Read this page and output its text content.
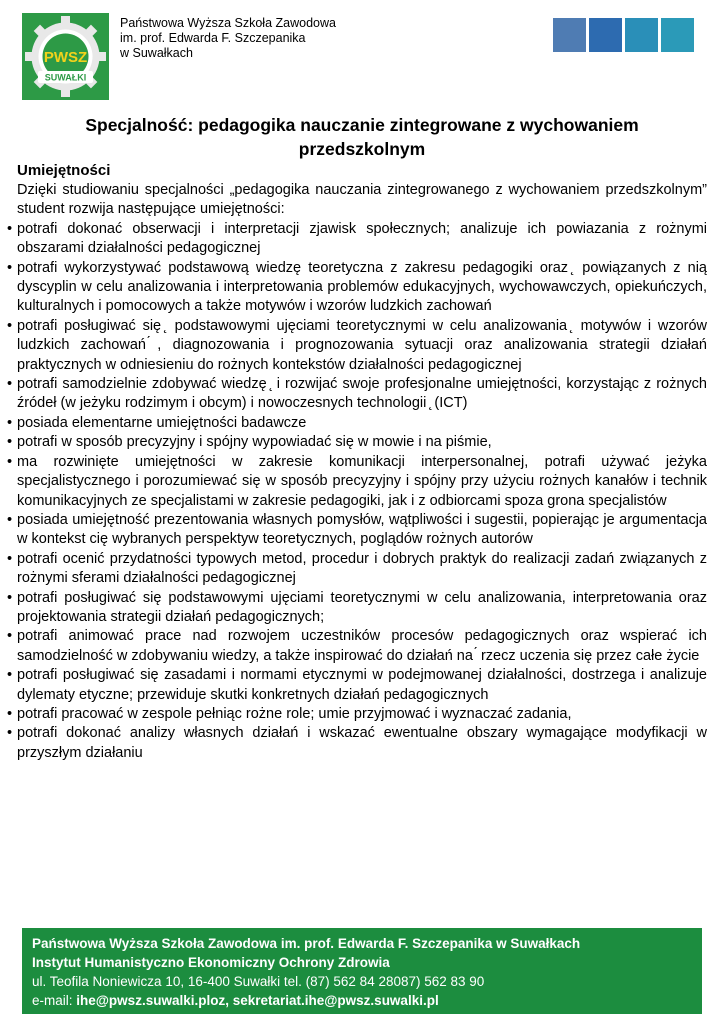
PWSZ
SUWAŁKI
Państwowa Wyższa Szkoła Zawodowa
im. prof. Edwarda F. Szczepanika
w Suwałkach
Specjalność: pedagogika nauczanie zintegrowane z wychowaniem przedszkolnym
Umiejętności
Dzięki studiowaniu specjalności „pedagogika nauczania zintegrowanego z wychowaniem przedszkolnym” student rozwija następujące umiejętności:
• potrafi dokonać obserwacji i interpretacji zjawisk społecznych; analizuje ich powiazania z rożnymi obszarami działalności pedagogicznej
• potrafi wykorzystywać podstawową wiedzę teoretyczna z zakresu pedagogiki oraz ̨ powiązanych z nią dyscyplin w celu analizowania i interpretowania problemów edukacyjnych, wychowawczych, opiekuńczych, kulturalnych i pomocowych a także motywów i wzorów ludzkich zachowań
• potrafi posługiwać się ̨ podstawowymi ujęciami teoretycznymi w celu analizowania ̨ motywów i wzorów ludzkich zachowań ́, diagnozowania i prognozowania sytuacji oraz analizowania strategii działań praktycznych w odniesieniu do rożnych kontekstów działalności pedagogicznej
• potrafi samodzielnie zdobywać wiedzę ̨ i rozwijać swoje profesjonalne umiejętności, korzystając z rożnych źródeł (w jeżyku rodzimym i obcym) i nowoczesnych technologii ̨ (ICT)
• posiada elementarne umiejętności badawcze
• potrafi w sposób precyzyjny i spójny wypowiadać się w mowie i na piśmie,
• ma rozwinięte umiejętności w zakresie komunikacji interpersonalnej, potrafi używać jeżyka specjalistycznego i porozumiewać się w sposób precyzyjny i spójny przy użyciu rożnych kanałów i technik komunikacyjnych ze specjalistami w zakresie pedagogiki, jak i z odbiorcami spoza grona specjalistów
• posiada umiejętność prezentowania własnych pomysłów, wątpliwości i sugestii, popierając je argumentacja w kontekst cię wybranych perspektyw teoretycznych, poglądów rożnych autorów
• potrafi ocenić przydatności typowych metod, procedur i dobrych praktyk do realizacji zadań związanych z rożnymi sferami działalności pedagogicznej
• potrafi posługiwać się podstawowymi ujęciami teoretycznymi w celu analizowania, interpretowania oraz projektowania strategii działań pedagogicznych;
• potrafi animować prace nad rozwojem uczestników procesów pedagogicznych oraz wspierać ich samodzielność w zdobywaniu wiedzy, a także inspirować do działań na ́ rzecz uczenia się przez całe życie
• potrafi posługiwać się zasadami i normami etycznymi w podejmowanej działalności, dostrzega i analizuje dylematy etyczne; przewiduje skutki konkretnych działań pedagogicznych
• potrafi pracować w zespole pełniąc rożne role; umie przyjmować i wyznaczać zadania,
• potrafi dokonać analizy własnych działań i wskazać ewentualne obszary wymagające modyfikacji w przyszłym działaniu
Państwowa Wyższa Szkoła Zawodowa im. prof. Edwarda F. Szczepanika w Suwałkach
Instytut Humanistyczno Ekonomiczny Ochrony Zdrowia
ul. Teofila Noniewicza 10, 16-400 Suwałki tel. (87) 562 84 28087) 562 83 90
e-mail: ihe@pwsz.suwalki.ploz, sekretariat.ihe@pwsz.suwalki.pl
